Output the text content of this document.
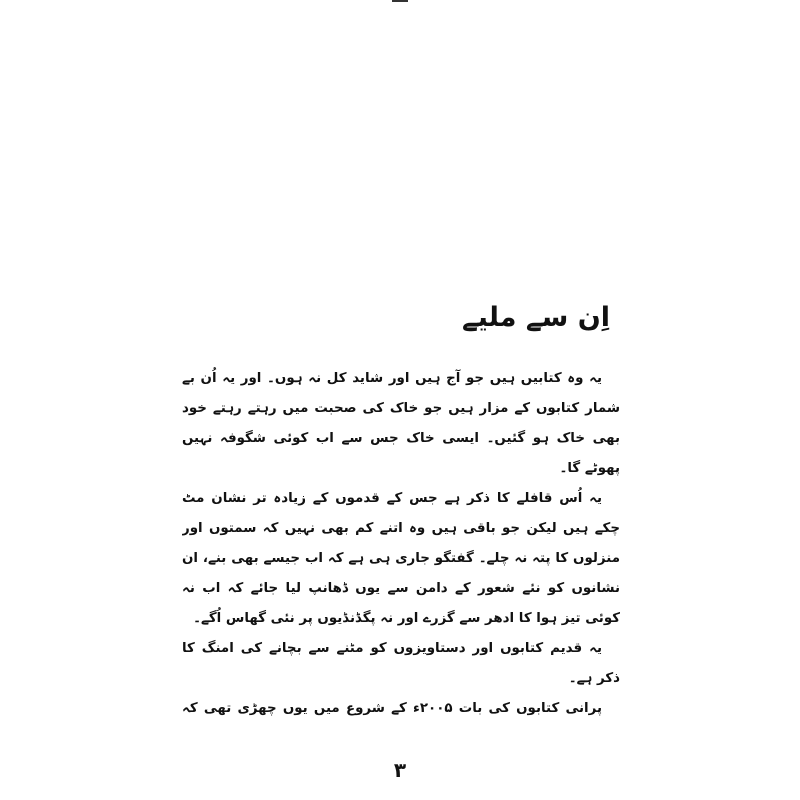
اِن سے ملیے

یہ وہ کتابیں ہیں جو آج ہیں اور شاید کل نہ ہوں۔ اور یہ اُن بے شمار کتابوں کے مزار ہیں جو خاک کی صحبت میں رہتے رہتے خود بھی خاک ہو گئیں۔ ایسی خاک جس سے اب کوئی شگوفہ نہیں پھوٹے گا۔

یہ اُس قافلے کا ذکر ہے جس کے قدموں کے زیادہ تر نشان مٹ چکے ہیں لیکن جو باقی ہیں وہ اتنے کم بھی نہیں کہ سمتوں اور منزلوں کا پتہ نہ چلے۔ گفتگو جاری ہی ہے کہ اب جیسے بھی بنے، ان نشانوں کو نئے شعور کے دامن سے یوں ڈھانپ لیا جائے کہ اب نہ کوئی تیز ہوا کا ادھر سے گزرے اور نہ پگڈنڈیوں پر نئی گھاس اُگے۔

یہ قدیم کتابوں اور دستاویزوں کو مٹنے سے بچانے کی امنگ کا ذکر ہے۔

پرانی کتابوں کی بات ۲۰۰۵ء کے شروع میں یوں چھڑی تھی کہ

۳
